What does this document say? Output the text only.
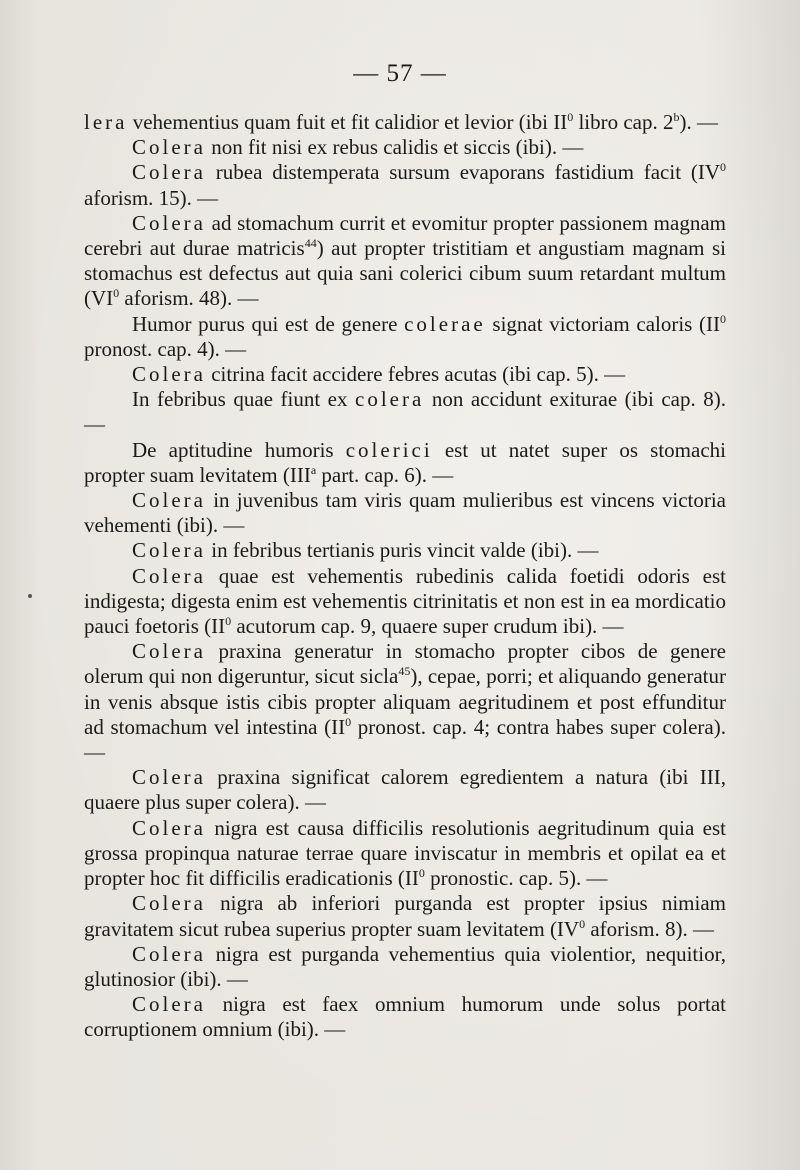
— 57 —

lera vehementius quam fuit et fit calidior et levior (ibi $II^0$ libro cap. 2$^b$). —

Colera non fit nisi ex rebus calidis et siccis (ibi). —

Colera rubea distemperata sursum evaporans fastidium facit ($IV^0$ aforism. 15). —

Colera ad stomachum currit et evomitur propter passionem magnam cerebri aut durae matricis$^{44}$) aut propter tristitiam et angustiam magnam si stomachus est defectus aut quia sani colerici cibum suum retardant multum ($VI^0$ aforism. 48). —

Humor purus qui est de genere colerae signat victoriam caloris ($II^0$ pronost. cap. 4). —

Colera citrina facit accidere febres acutas (ibi cap. 5). —

In febribus quae fiunt ex colera non accidunt exiturae (ibi cap. 8). —

De aptitudine humoris colerici est ut natet super os stomachi propter suam levitatem (III$^a$ part. cap. 6). —

Colera in juvenibus tam viris quam mulieribus est vincens victoria vehementi (ibi). —

Colera in febribus tertianis puris vincit valde (ibi). —

Colera quae est vehementis rubedinis calida foetidi odoris est indigesta; digesta enim est vehementis citrinitatis et non est in ea mordicatio pauci foetoris ($II^0$ acutorum cap. 9, quaere super crudum ibi). —

Colera praxina generatur in stomacho propter cibos de genere olerum qui non digeruntur, sicut sicla$^{45}$), cepae, porri; et aliquando generatur in venis absque istis cibis propter aliquam aegritudinem et post effunditur ad stomachum vel intestina ($II^0$ pronost. cap. 4; contra habes super colera). —

Colera praxina significat calorem egredientem a natura (ibi III, quaere plus super colera). —

Colera nigra est causa difficilis resolutionis aegritudinum quia est grossa propinqua naturae terrae quare inviscatur in membris et opilat ea et propter hoc fit difficilis eradicationis ($II^0$ pronostic. cap. 5). —

Colera nigra ab inferiori purganda est propter ipsius nimiam gravitatem sicut rubea superius propter suam levitatem ($IV^0$ aforism. 8). —

Colera nigra est purganda vehementius quia violentior, nequitior, glutinosior (ibi). —

Colera nigra est faex omnium humorum unde solus portat corruptionem omnium (ibi). —
